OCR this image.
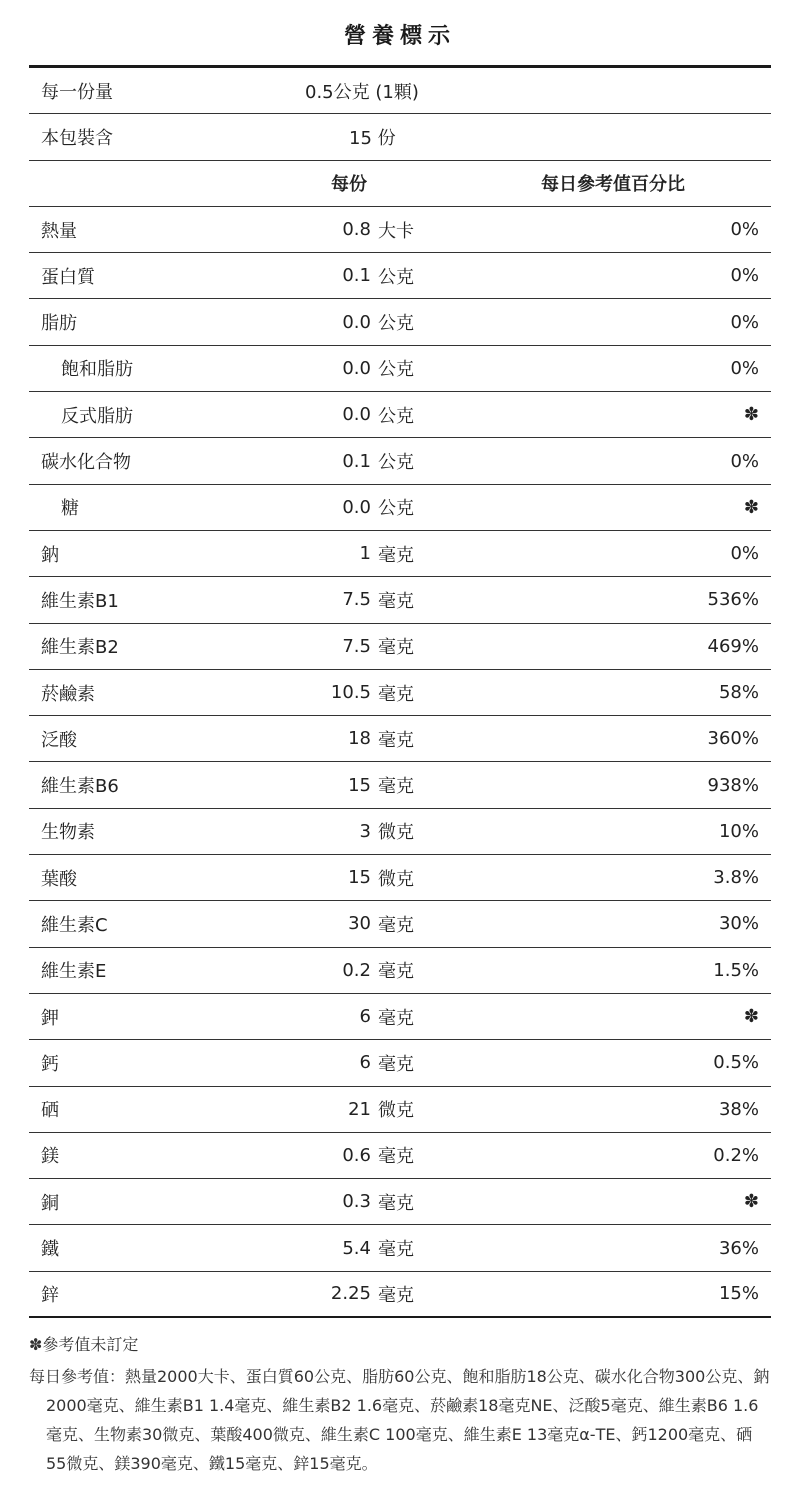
營養標示
每一份量	0.5公克 (1顆)
本包裝含	15 份
每份	每日參考值百分比
熱量	0.8 大卡	0%
蛋白質	0.1 公克	0%
脂肪	0.0 公克	0%
飽和脂肪	0.0 公克	0%
反式脂肪	0.0 公克	✽
碳水化合物	0.1 公克	0%
糖	0.0 公克	✽
鈉	1 毫克	0%
維生素B1	7.5 毫克	536%
維生素B2	7.5 毫克	469%
菸鹼素	10.5 毫克	58%
泛酸	18 毫克	360%
維生素B6	15 毫克	938%
生物素	3 微克	10%
葉酸	15 微克	3.8%
維生素C	30 毫克	30%
維生素E	0.2 毫克	1.5%
鉀	6 毫克	✽
鈣	6 毫克	0.5%
硒	21 微克	38%
鎂	0.6 毫克	0.2%
銅	0.3 毫克	✽
鐵	5.4 毫克	36%
鋅	2.25 毫克	15%
✽參考值未訂定
每日參考值：熱量2000大卡、蛋白質60公克、脂肪60公克、飽和脂肪18公克、碳水化合物300公克、鈉2000毫克、維生素B1 1.4毫克、維生素B2 1.6毫克、菸鹼素18毫克NE、泛酸5毫克、維生素B6 1.6毫克、生物素30微克、葉酸400微克、維生素C 100毫克、維生素E 13毫克α-TE、鈣1200毫克、硒55微克、鎂390毫克、鐵15毫克、鋅15毫克。
